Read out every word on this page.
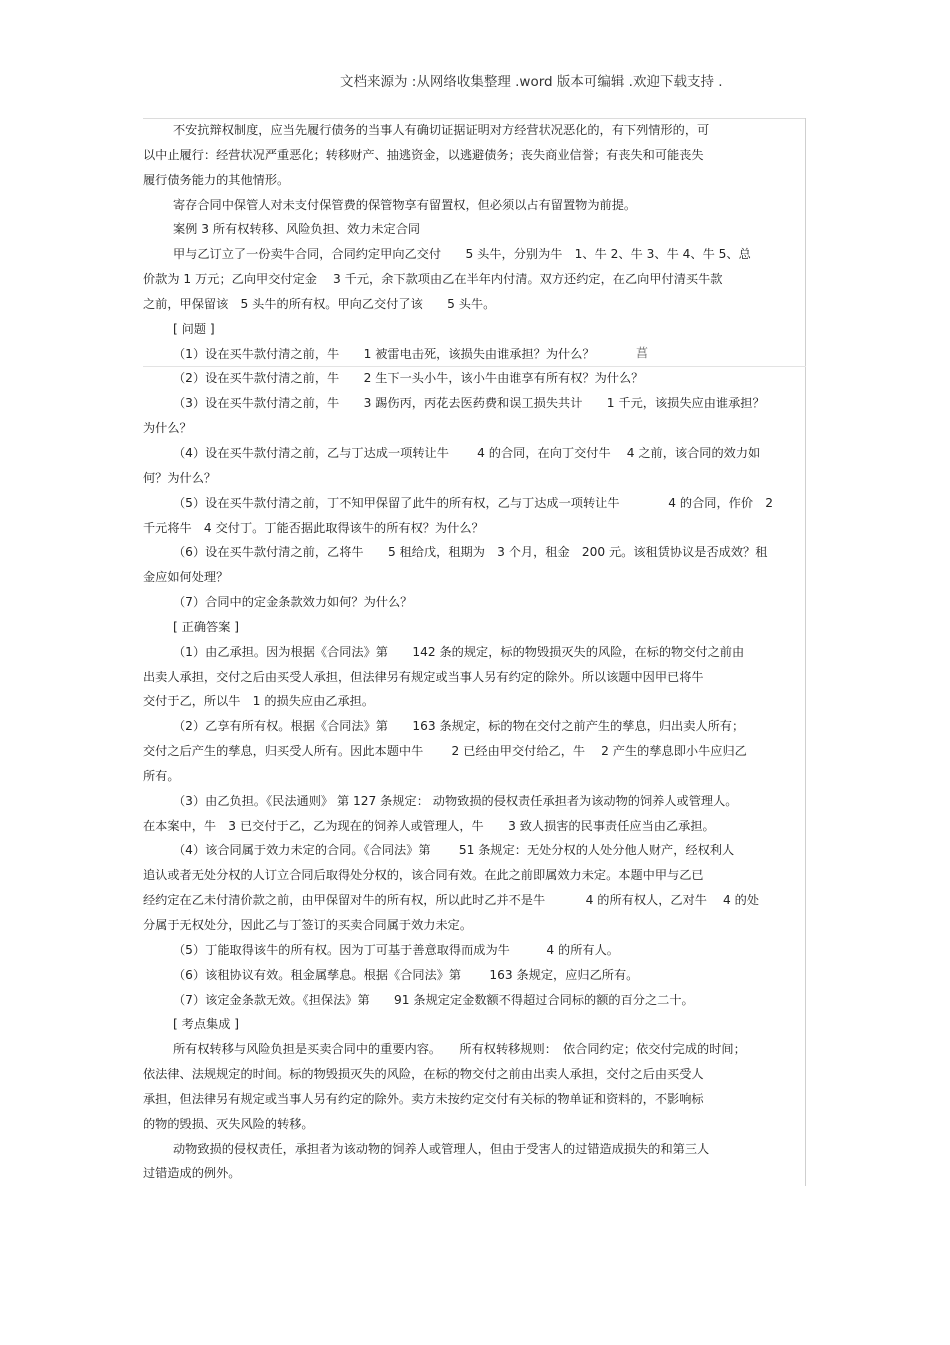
文档来源为 :从网络收集整理 .word 版本可编辑 .欢迎下载支持 .
菖
不安抗辩权制度，应当先履行债务的当事人有确切证据证明对方经营状况恶化的，有下列情形的，可
以中止履行：经营状况严重恶化；转移财产、抽逃资金，以逃避债务；丧失商业信誉；有丧失和可能丧失
履行债务能力的其他情形。
寄存合同中保管人对未支付保管费的保管物享有留置权，但必须以占有留置物为前提。
案例 3 所有权转移、风险负担、效力未定合同
甲与乙订立了一份卖牛合同，合同约定甲向乙交付　　5 头牛，分别为牛　1、牛 2、牛 3、牛 4、牛 5、总
价款为 1 万元；乙向甲交付定金　 3 千元，余下款项由乙在半年内付清。双方还约定，在乙向甲付清买牛款
之前，甲保留该　5 头牛的所有权。甲向乙交付了该　　5 头牛。
[ 问题 ]
（1）设在买牛款付清之前，牛　　1 被雷电击死，该损失由谁承担？为什么？
（2）设在买牛款付清之前，牛　　2 生下一头小牛，该小牛由谁享有所有权？为什么？
（3）设在买牛款付清之前，牛　　3 踢伤丙，丙花去医药费和误工损失共计　　1 千元，该损失应由谁承担？
为什么？
（4）设在买牛款付清之前，乙与丁达成一项转让牛　　 4 的合同，在向丁交付牛　 4 之前，该合同的效力如
何？为什么？
（5）设在买牛款付清之前，丁不知甲保留了此牛的所有权，乙与丁达成一项转让牛　　　　4 的合同，作价　2
千元将牛　4 交付丁。丁能否据此取得该牛的所有权？为什么？
（6）设在买牛款付清之前，乙将牛　　5 租给戊，租期为　3 个月，租金　200 元。该租赁协议是否成效？租
金应如何处理？
（7）合同中的定金条款效力如何？为什么？
[ 正确答案 ]
（1）由乙承担。因为根据《合同法》第　　142 条的规定，标的物毁损灭失的风险，在标的物交付之前由
出卖人承担，交付之后由买受人承担，但法律另有规定或当事人另有约定的除外。所以该题中因甲已将牛
交付于乙，所以牛　1 的损失应由乙承担。
（2）乙享有所有权。根据《合同法》第　　163 条规定，标的物在交付之前产生的孳息，归出卖人所有；
交付之后产生的孳息，归买受人所有。因此本题中牛　　 2 已经由甲交付给乙，牛　 2 产生的孳息即小牛应归乙
所有。
（3）由乙负担。《民法通则》 第 127 条规定： 动物致损的侵权责任承担者为该动物的饲养人或管理人。
在本案中，牛　3 已交付于乙，乙为现在的饲养人或管理人，牛　　3 致人损害的民事责任应当由乙承担。
（4）该合同属于效力未定的合同。《合同法》第　　 51 条规定：无处分权的人处分他人财产，经权利人
追认或者无处分权的人订立合同后取得处分权的，该合同有效。在此之前即属效力未定。本题中甲与乙已
经约定在乙未付清价款之前，由甲保留对牛的所有权，所以此时乙并不是牛　　　 4 的所有权人，乙对牛　 4 的处
分属于无权处分，因此乙与丁签订的买卖合同属于效力未定。
（5）丁能取得该牛的所有权。因为丁可基于善意取得而成为牛　　　4 的所有人。
（6）该租协议有效。租金属孳息。根据《合同法》第　　 163 条规定，应归乙所有。
（7）该定金条款无效。《担保法》第　　91 条规定定金数额不得超过合同标的额的百分之二十。
[ 考点集成 ]
所有权转移与风险负担是买卖合同中的重要内容。　　所有权转移规则：　依合同约定；依交付完成的时间；
依法律、法规规定的时间。标的物毁损灭失的风险，在标的物交付之前由出卖人承担，交付之后由买受人
承担，但法律另有规定或当事人另有约定的除外。卖方未按约定交付有关标的物单证和资料的，不影响标
的物的毁损、灭失风险的转移。
动物致损的侵权责任，承担者为该动物的饲养人或管理人，但由于受害人的过错造成损失的和第三人
过错造成的例外。
